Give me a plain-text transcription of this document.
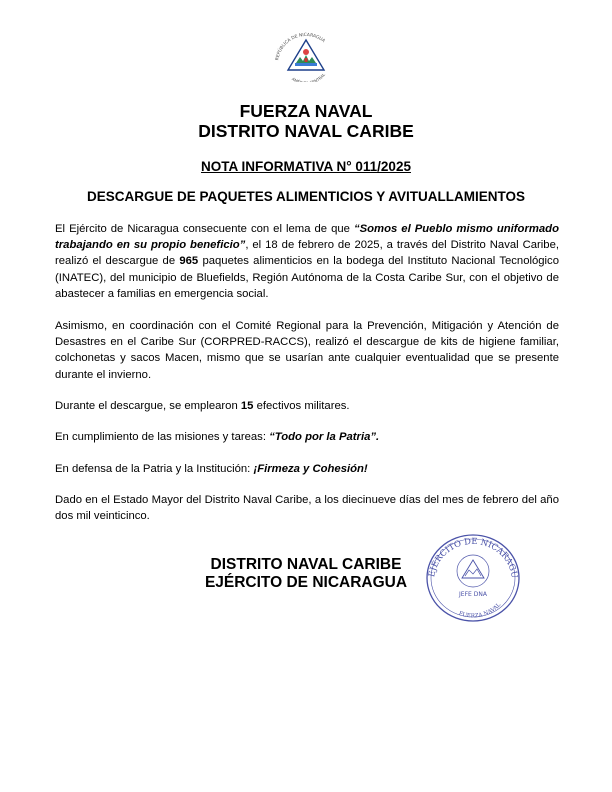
REPÚBLICA DE NICARAGUA
AMÉ ENTRAL
FUERZA NAVAL
DISTRITO NAVAL CARIBE
NOTA INFORMATIVA N° 011/2025
DESCARGUE DE PAQUETES ALIMENTICIOS Y AVITUALLAMIENTOS
El Ejército de Nicaragua consecuente con el lema de que “Somos el Pueblo mismo uniformado trabajando en su propio beneficio”, el 18 de febrero de 2025, a través del Distrito Naval Caribe, realizó el descargue de 965 paquetes alimenticios en la bodega del Instituto Nacional Tecnológico (INATEC), del municipio de Bluefields, Región Autónoma de la Costa Caribe Sur, con el objetivo de abastecer a familias en emergencia social.
Asimismo, en coordinación con el Comité Regional para la Prevención, Mitigación y Atención de Desastres en el Caribe Sur (CORPRED-RACCS), realizó el descargue de kits de higiene familiar, colchonetas y sacos Macen, mismo que se usarían ante cualquier eventualidad que se presente durante el invierno.
Durante el descargue, se emplearon 15 efectivos militares.
En cumplimiento de las misiones y tareas: “Todo por la Patria”.
En defensa de la Patria y la Institución: ¡Firmeza y Cohesión!
Dado en el Estado Mayor del Distrito Naval Caribe, a los diecinueve días del mes de febrero del año dos mil veinticinco.
DISTRITO NAVAL CARIBE
EJÉRCITO DE NICARAGUA
EJÉRCITO DE NICARAGU
FUERZA NAVAL
JEFE DNA
